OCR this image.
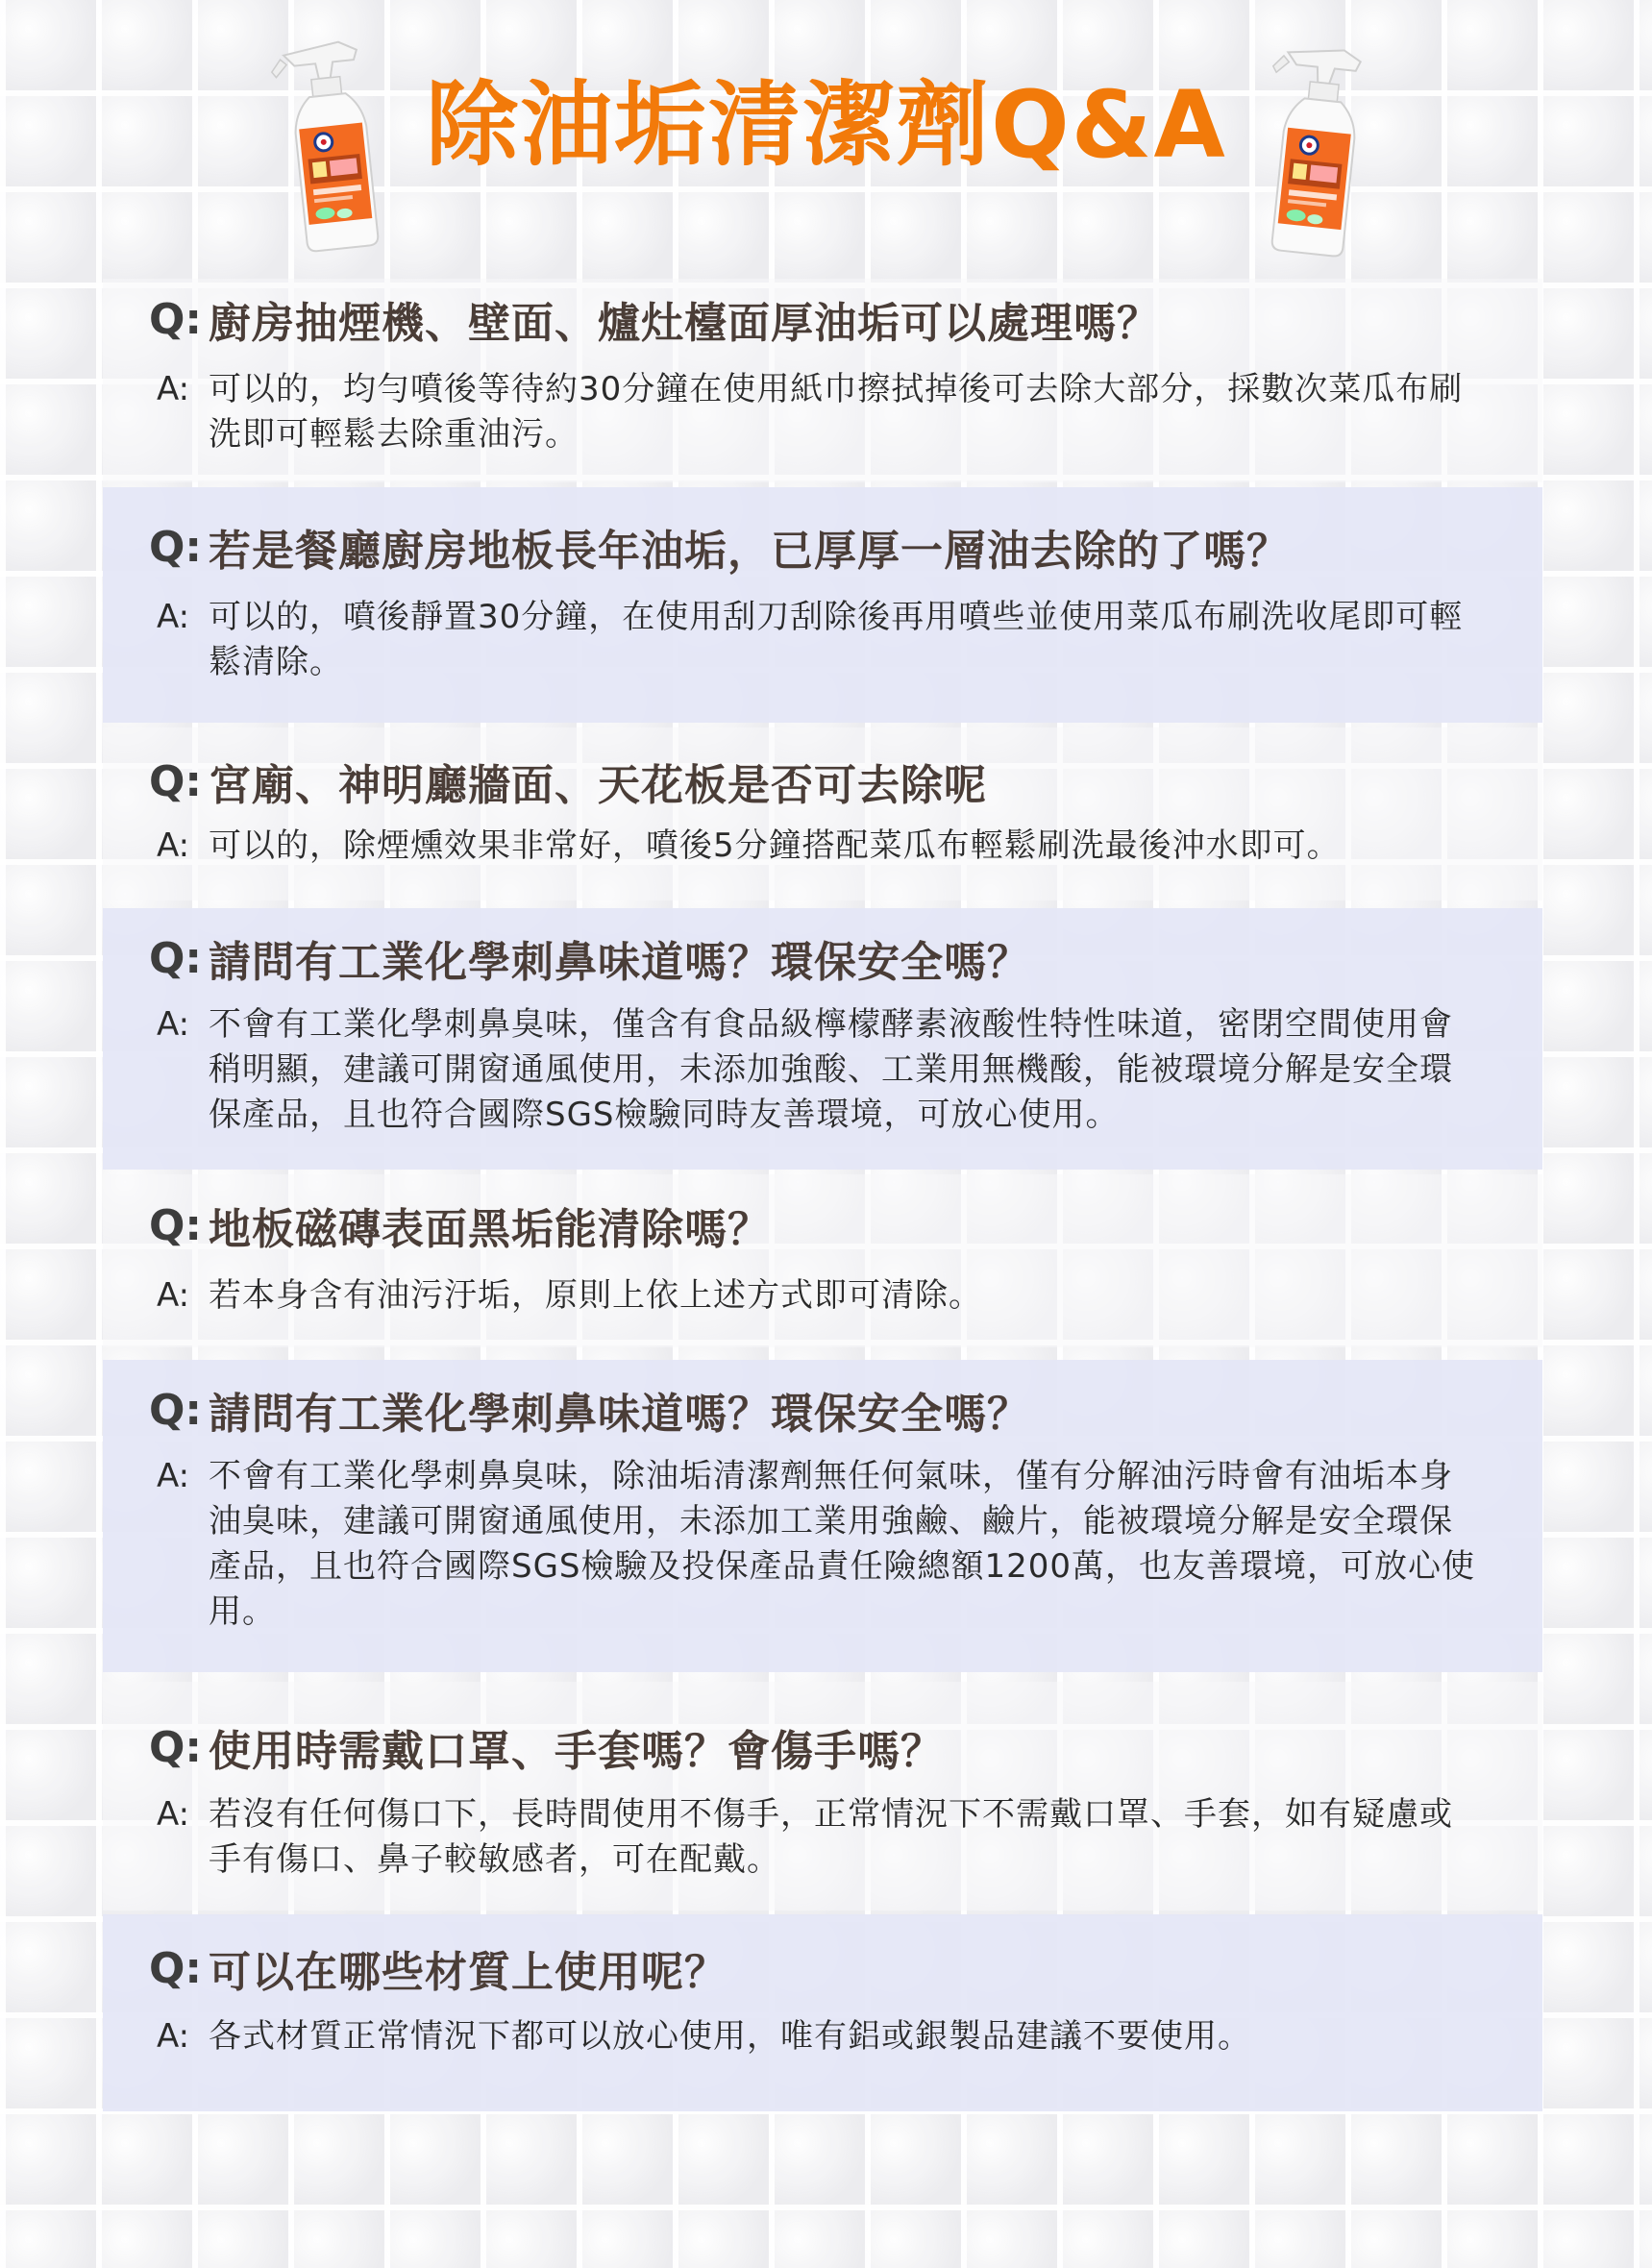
除油垢清潔劑Q&A
Q: 廚房抽煙機、壁面、爐灶檯面厚油垢可以處理嗎？
A: 可以的，均勻噴後等待約30分鐘在使用紙巾擦拭掉後可去除大部分，採數次菜瓜布刷洗即可輕鬆去除重油污。
Q: 若是餐廳廚房地板長年油垢，已厚厚一層油去除的了嗎？
A: 可以的，噴後靜置30分鐘，在使用刮刀刮除後再用噴些並使用菜瓜布刷洗收尾即可輕鬆清除。
Q: 宮廟、神明廳牆面、天花板是否可去除呢
A: 可以的，除煙燻效果非常好，噴後5分鐘搭配菜瓜布輕鬆刷洗最後沖水即可。
Q: 請問有工業化學刺鼻味道嗎？環保安全嗎？
A: 不會有工業化學刺鼻臭味，僅含有食品級檸檬酵素液酸性特性味道，密閉空間使用會稍明顯，建議可開窗通風使用，未添加強酸、工業用無機酸，能被環境分解是安全環保產品，且也符合國際SGS檢驗同時友善環境，可放心使用。
Q: 地板磁磚表面黑垢能清除嗎？
A: 若本身含有油污汙垢，原則上依上述方式即可清除。
Q: 請問有工業化學刺鼻味道嗎？環保安全嗎？
A: 不會有工業化學刺鼻臭味，除油垢清潔劑無任何氣味，僅有分解油污時會有油垢本身油臭味，建議可開窗通風使用，未添加工業用強鹼、鹼片，能被環境分解是安全環保產品，且也符合國際SGS檢驗及投保產品責任險總額1200萬，也友善環境，可放心使用。
Q: 使用時需戴口罩、手套嗎？會傷手嗎？
A: 若沒有任何傷口下，長時間使用不傷手，正常情況下不需戴口罩、手套，如有疑慮或手有傷口、鼻子較敏感者，可在配戴。
Q: 可以在哪些材質上使用呢？
A: 各式材質正常情況下都可以放心使用，唯有鋁或銀製品建議不要使用。
